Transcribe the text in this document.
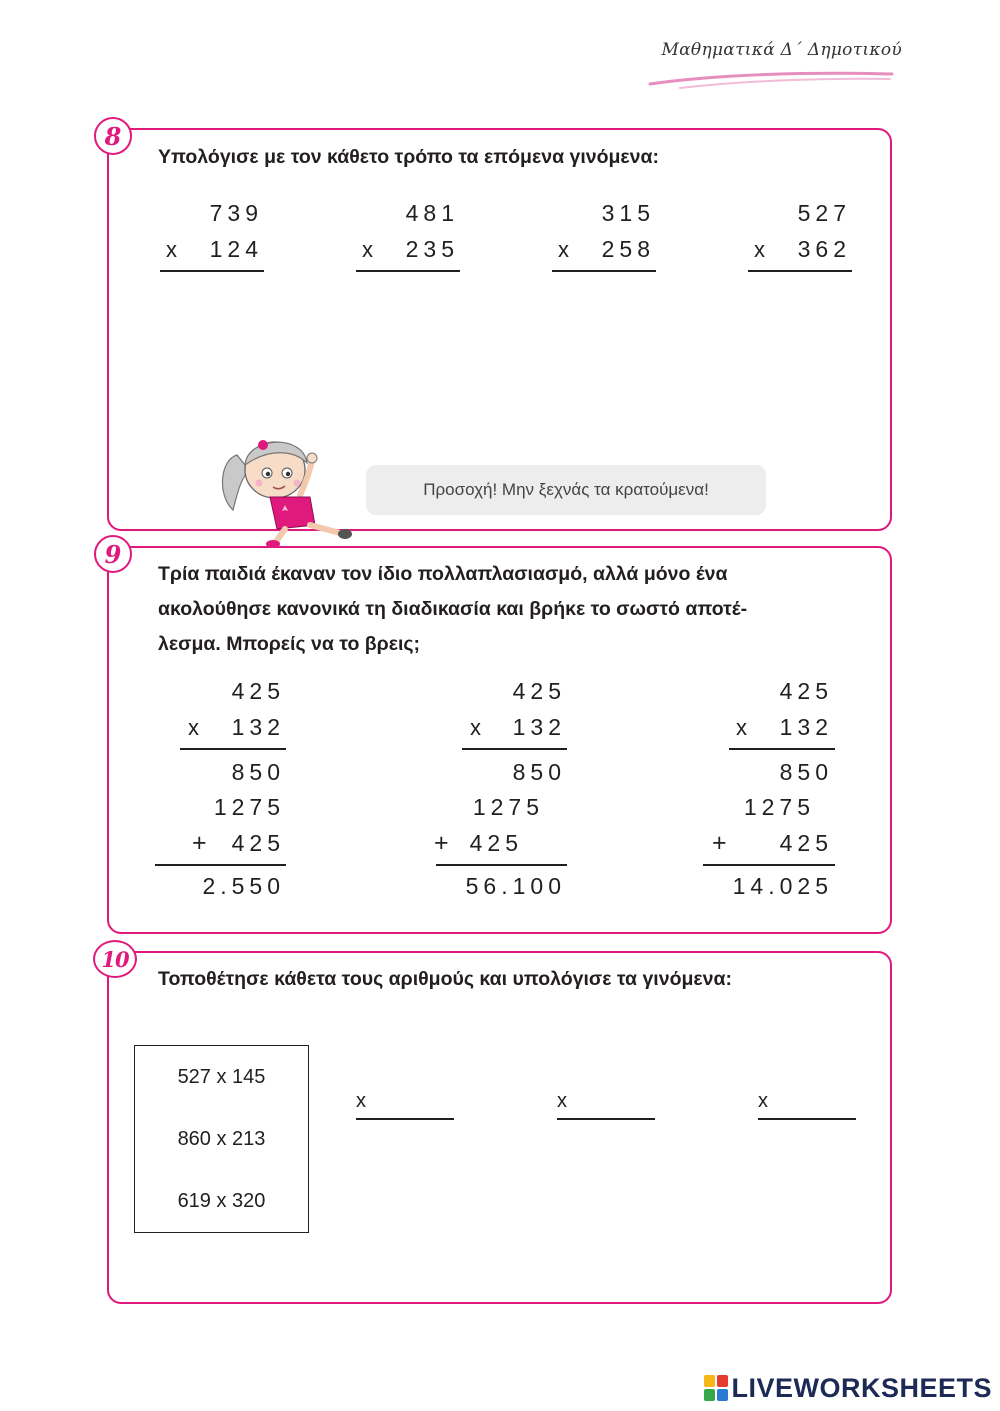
Μαθηματικά Δ΄ Δημοτικού
8
Υπολόγισε με τον κάθετο τρόπο τα επόμενα γινόμενα:
739
x	124
481
x	235
315
x	258
527
x	362
Προσοχή! Μην ξεχνάς τα κρατούμενα!
9
Τρία παιδιά έκαναν τον ίδιο πολλαπλασιασμό, αλλά μόνο ένα
ακολούθησε κανονικά τη διαδικασία και βρήκε το σωστό αποτέ-
λεσμα. Μπορείς να το βρεις;
425
x	132
850
1275
+	425
2.550
425
x	132
850
1275
+ 425
56.100
425
x	132
850
1275
+	425
14.025
10
Τοποθέτησε κάθετα τους αριθμούς και υπολόγισε τα γινόμενα:
527 x 145
860 x 213
619 x 320
x	x	x
LIVEWORKSHEETS
